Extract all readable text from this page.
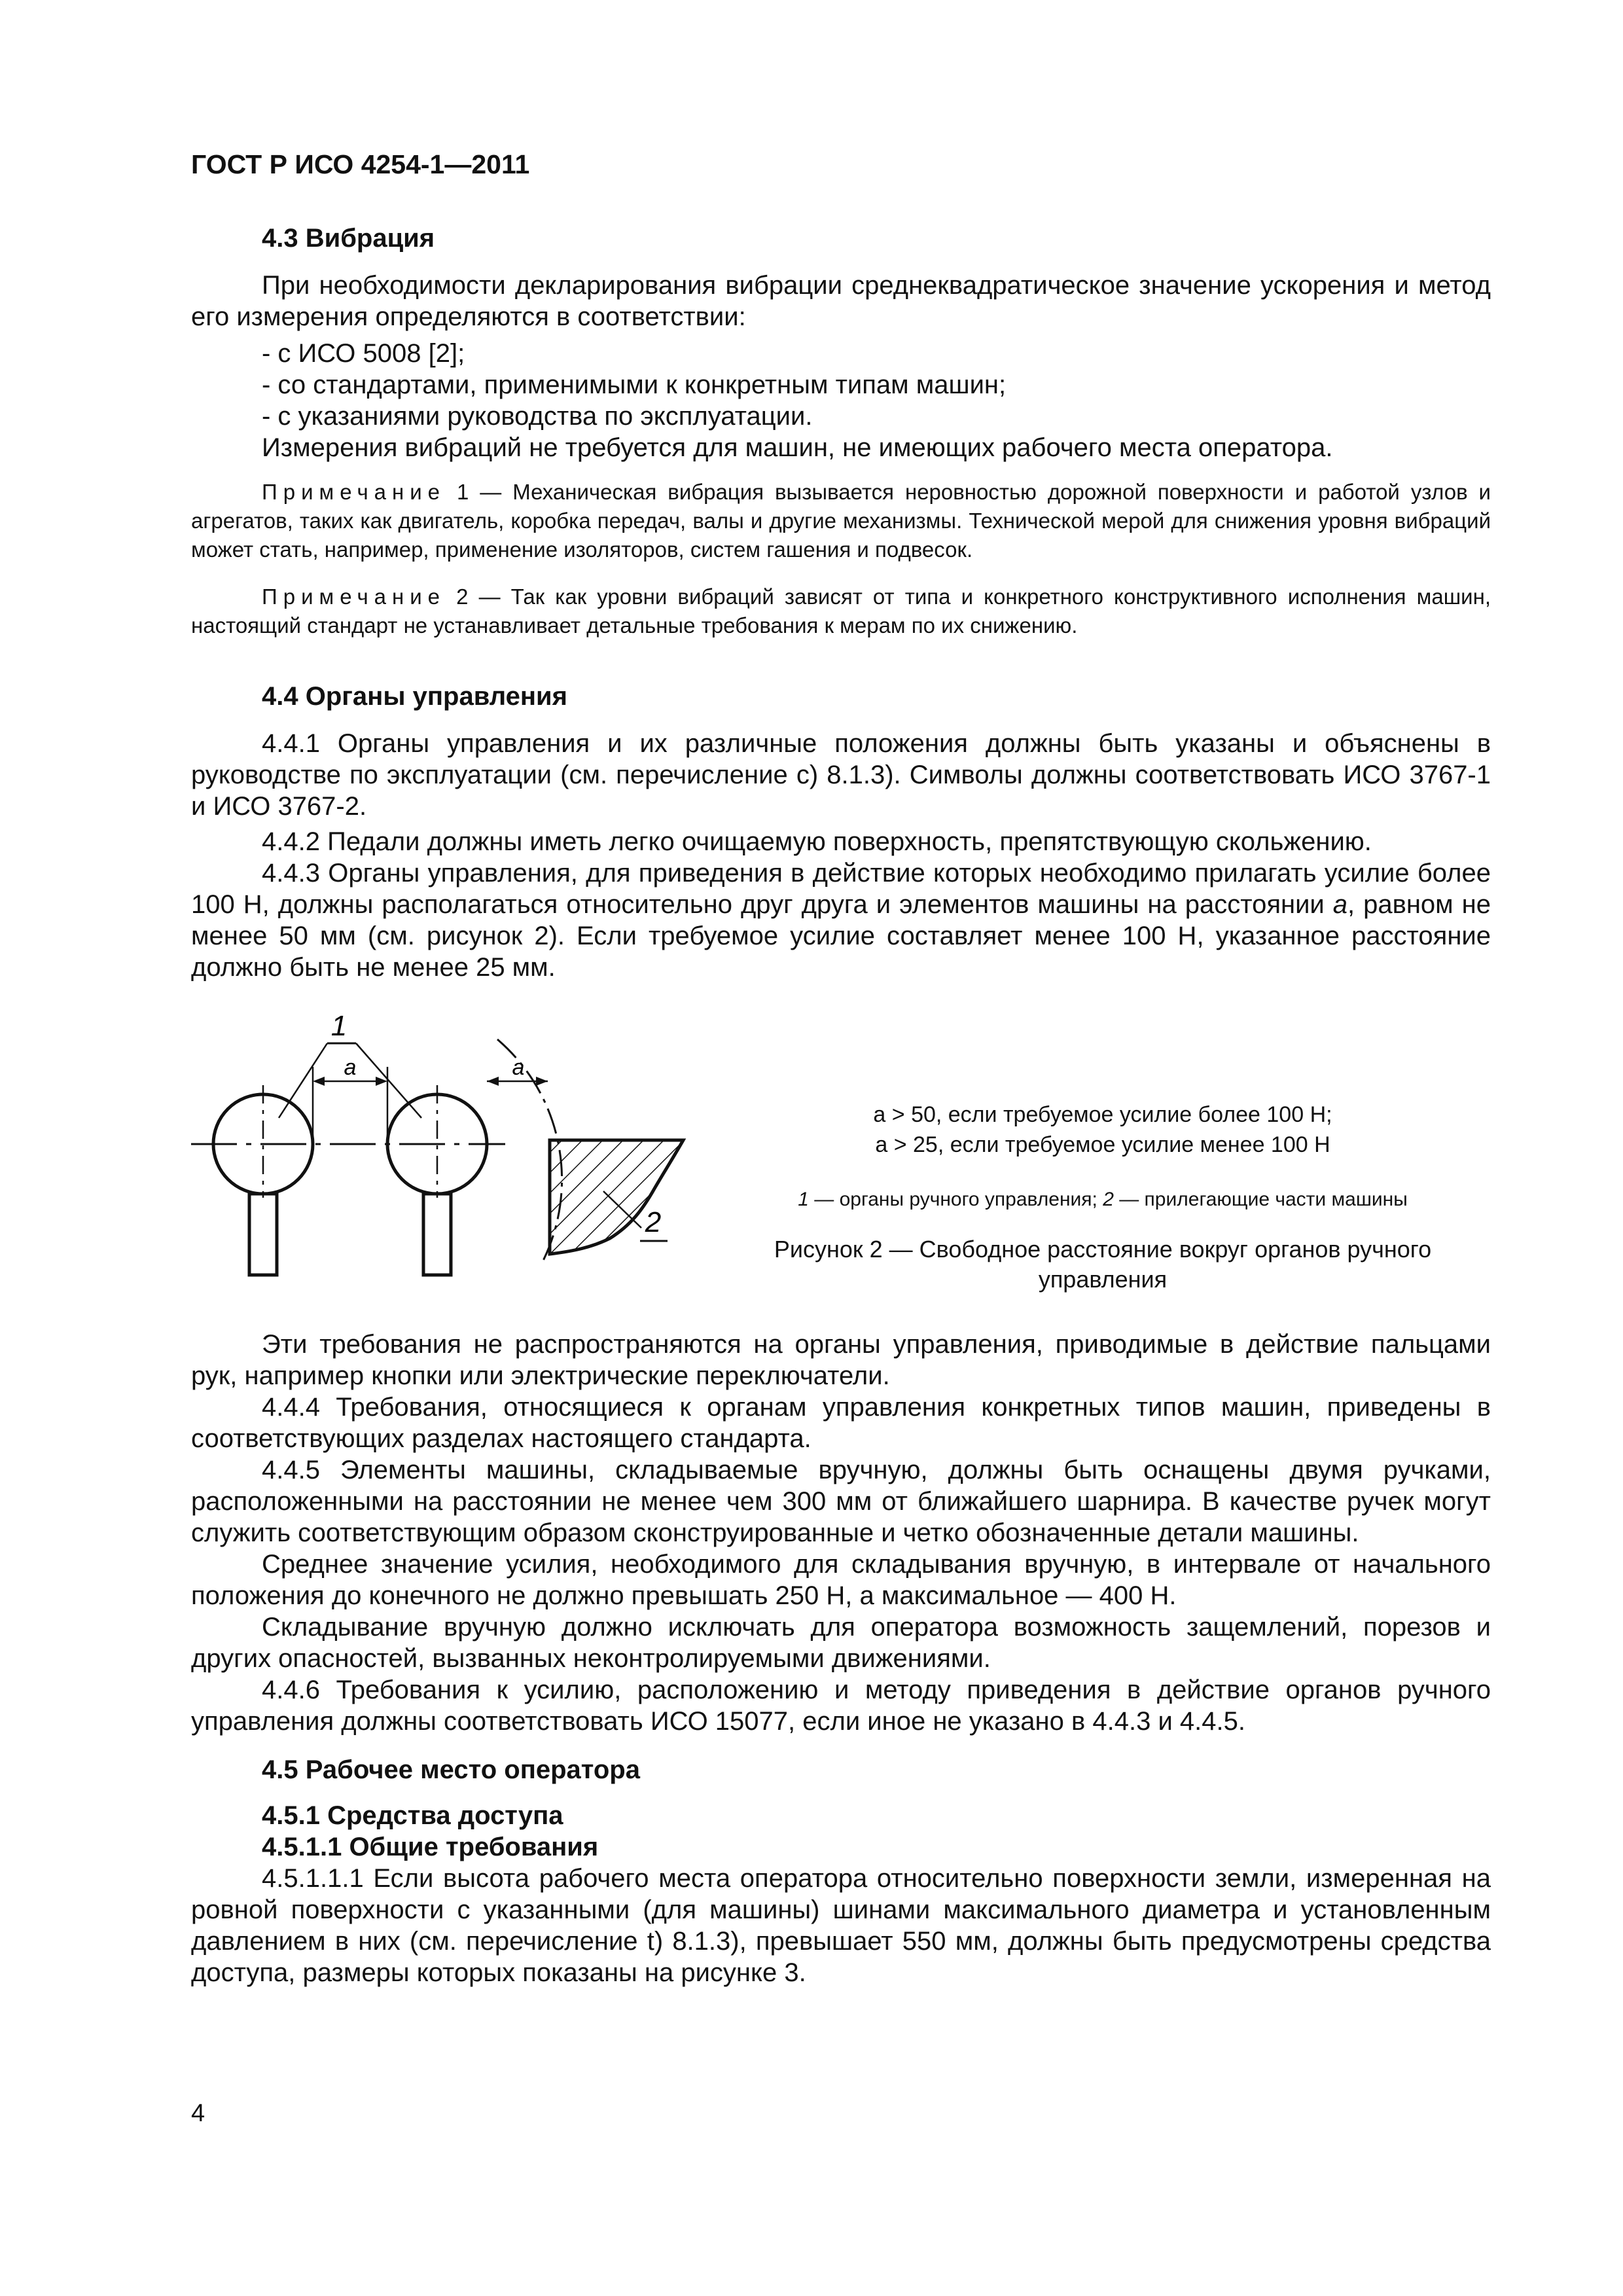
ГОСТ Р ИСО 4254-1—2011
4.3 Вибрация
При необходимости декларирования вибрации среднеквадратическое значение ускорения и метод его измерения определяются в соответствии:
- с ИСО 5008 [2];
- со стандартами, применимыми к конкретным типам машин;
- с указаниями руководства по эксплуатации.
Измерения вибраций не требуется для машин, не имеющих рабочего места оператора.
Примечание 1 — Механическая вибрация вызывается неровностью дорожной поверхности и работой узлов и агрегатов, таких как двигатель, коробка передач, валы и другие механизмы. Технической мерой для снижения уровня вибраций может стать, например, применение изоляторов, систем гашения и подвесок.
Примечание 2 — Так как уровни вибраций зависят от типа и конкретного конструктивного исполнения машин, настоящий стандарт не устанавливает детальные требования к мерам по их снижению.
4.4 Органы управления
4.4.1 Органы управления и их различные положения должны быть указаны и объяснены в руководстве по эксплуатации (см. перечисление с) 8.1.3). Символы должны соответствовать ИСО 3767-1 и ИСО 3767-2.
4.4.2 Педали должны иметь легко очищаемую поверхность, препятствующую скольжению.
4.4.3 Органы управления, для приведения в действие которых необходимо прилагать усилие более 100 Н, должны располагаться относительно друг друга и элементов машины на расстоянии а, равном не менее 50 мм (см. рисунок 2). Если требуемое усилие составляет менее 100 Н, указанное расстояние должно быть не менее 25 мм.
a
1
a
2
а > 50, если требуемое усилие более 100 Н;
а > 25, если требуемое усилие менее 100 Н
1 — органы ручного управления; 2 — прилегающие части машины
Рисунок 2 — Свободное расстояние вокруг органов ручного управления
Эти требования не распространяются на органы управления, приводимые в действие пальцами рук, например кнопки или электрические переключатели.
4.4.4 Требования, относящиеся к органам управления конкретных типов машин, приведены в соответствующих разделах настоящего стандарта.
4.4.5 Элементы машины, складываемые вручную, должны быть оснащены двумя ручками, расположенными на расстоянии не менее чем 300 мм от ближайшего шарнира. В качестве ручек могут служить соответствующим образом сконструированные и четко обозначенные детали машины.
Среднее значение усилия, необходимого для складывания вручную, в интервале от начального положения до конечного не должно превышать 250 Н, а максимальное — 400 Н.
Складывание вручную должно исключать для оператора возможность защемлений, порезов и других опасностей, вызванных неконтролируемыми движениями.
4.4.6 Требования к усилию, расположению и методу приведения в действие органов ручного управления должны соответствовать ИСО 15077, если иное не указано в 4.4.3 и 4.4.5.
4.5 Рабочее место оператора
4.5.1 Средства доступа
4.5.1.1 Общие требования
4.5.1.1.1 Если высота рабочего места оператора относительно поверхности земли, измеренная на ровной поверхности с указанными (для машины) шинами максимального диаметра и установленным давлением в них (см. перечисление t) 8.1.3), превышает 550 мм, должны быть предусмотрены средства доступа, размеры которых показаны на рисунке 3.
4
